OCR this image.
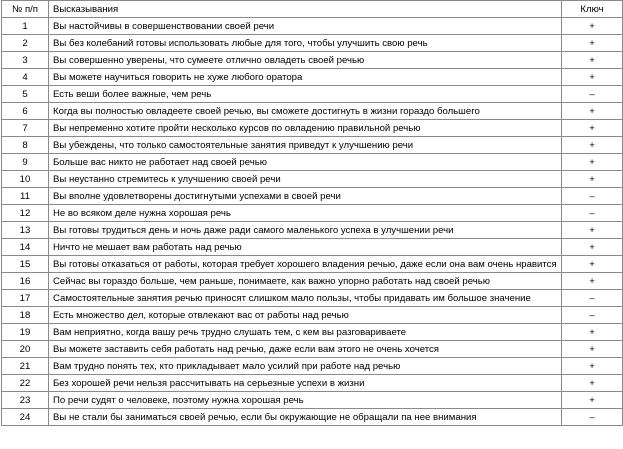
№ п/п	Высказывания	Ключ
1	Вы настойчивы в совершенствовании своей речи	+
2	Вы без колебаний готовы использовать любые для того, чтобы улучшить свою речь	+
3	Вы совершенно уверены, что сумеете отлично овладеть своей речью	+
4	Вы можете научиться говорить не хуже любого оратора	+
5	Есть веши более важные, чем речь	–
6	Когда вы полностью овладеете своей речью, вы сможете достигнуть в жизни гораздо большего	+
7	Вы непременно хотите пройти несколько курсов по овладению правильной речью	+
8	Вы убеждены, что только самостоятельные занятия приведут к улучшению речи	+
9	Больше вас никто не работает над своей речью	+
10	Вы неустанно стремитесь к улучшению своей речи	+
11	Вы вполне удовлетворены достигнутыми успехами в своей речи	–
12	Не во всяком деле нужна хорошая речь	–
13	Вы готовы трудиться день и ночь даже ради самого маленького успеха в улучшении речи	+
14	Ничто не мешает вам работать над речью	+
15	Вы готовы отказаться от работы, которая требует хорошего владения речью, даже если она вам очень нравится	+
16	Сейчас вы гораздо больше, чем раньше, понимаете, как важно упорно работать над своей речью	+
17	Самостоятельные занятия речью приносят слишком мало пользы, чтобы придавать им большое значение	–
18	Есть множество дел, которые отвлекают вас от работы над речью	–
19	Вам неприятно, когда вашу речь трудно слушать тем, с кем вы разговариваете	+
20	Вы можете заставить себя работать над речью, даже если вам этого не очень хочется	+
21	Вам трудно понять тех, кто прикладывает мало усилий при работе над речью	+
22	Без хорошей речи нельзя рассчитывать на серьезные успехи в жизни	+
23	По речи судят о человеке, поэтому нужна хорошая речь	+
24	Вы не стали бы заниматься своей речью, если бы окружающие не обращали па нее внимания	–
